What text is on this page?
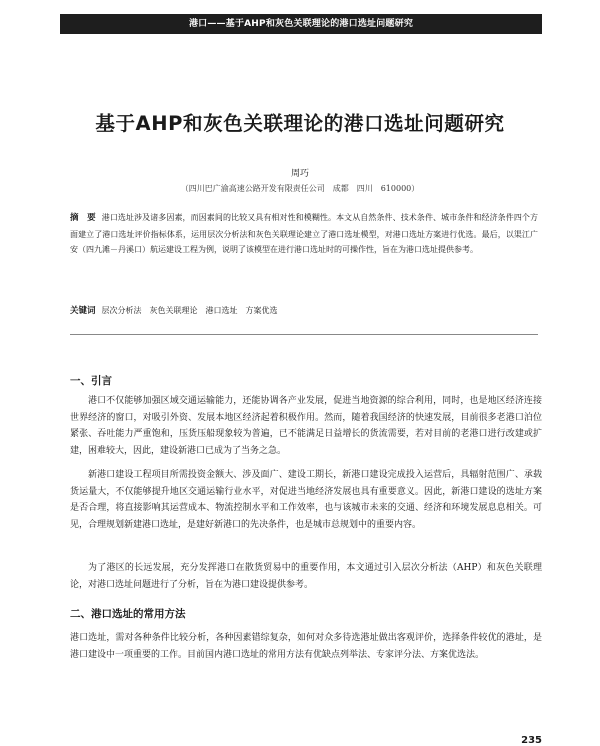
港口——基于AHP和灰色关联理论的港口选址问题研究
基于AHP和灰色关联理论的港口选址问题研究
周巧
（四川巴广渝高速公路开发有限责任公司　成都　四川　610000）
摘　要 港口选址涉及诸多因素，而因素间的比较又具有相对性和模糊性。本文从自然条件、技术条件、城市条件和经济条件四个方面建立了港口选址评价指标体系，运用层次分析法和灰色关联理论建立了港口选址模型，对港口选址方案进行优选。最后，以渠江广安（四九滩－丹溪口）航运建设工程为例，说明了该模型在进行港口选址时的可操作性，旨在为港口选址提供参考。
关键词 层次分析法　灰色关联理论　港口选址　方案优选
一、引言
港口不仅能够加强区域交通运输能力，还能协调各产业发展，促进当地资源的综合利用，同时，也是地区经济连接世界经济的窗口，对吸引外资、发展本地区经济起着积极作用。然而，随着我国经济的快速发展，目前很多老港口泊位紧张、吞吐能力严重饱和，压货压船现象较为普遍，已不能满足日益增长的货流需要，若对目前的老港口进行改建或扩建，困难较大，因此，建设新港口已成为了当务之急。
新港口建设工程项目所需投资金额大、涉及面广、建设工期长，新港口建设完成投入运营后，具辐射范围广、承载货运量大，不仅能够提升地区交通运输行业水平，对促进当地经济发展也具有重要意义。因此，新港口建设的选址方案是否合理，将直接影响其运营成本、物流控制水平和工作效率，也与该城市未来的交通、经济和环境发展息息相关。可见，合理规划新建港口选址，是建好新港口的先决条件，也是城市总规划中的重要内容。
为了港区的长远发展，充分发挥港口在散货贸易中的重要作用，本文通过引入层次分析法（AHP）和灰色关联理论，对港口选址问题进行了分析，旨在为港口建设提供参考。
二、港口选址的常用方法
港口选址，需对各种条件比较分析，各种因素错综复杂，如何对众多待选港址做出客观评价，选择条件较优的港址，是港口建设中一项重要的工作。目前国内港口选址的常用方法有优缺点列举法、专家评分法、方案优选法。
235
